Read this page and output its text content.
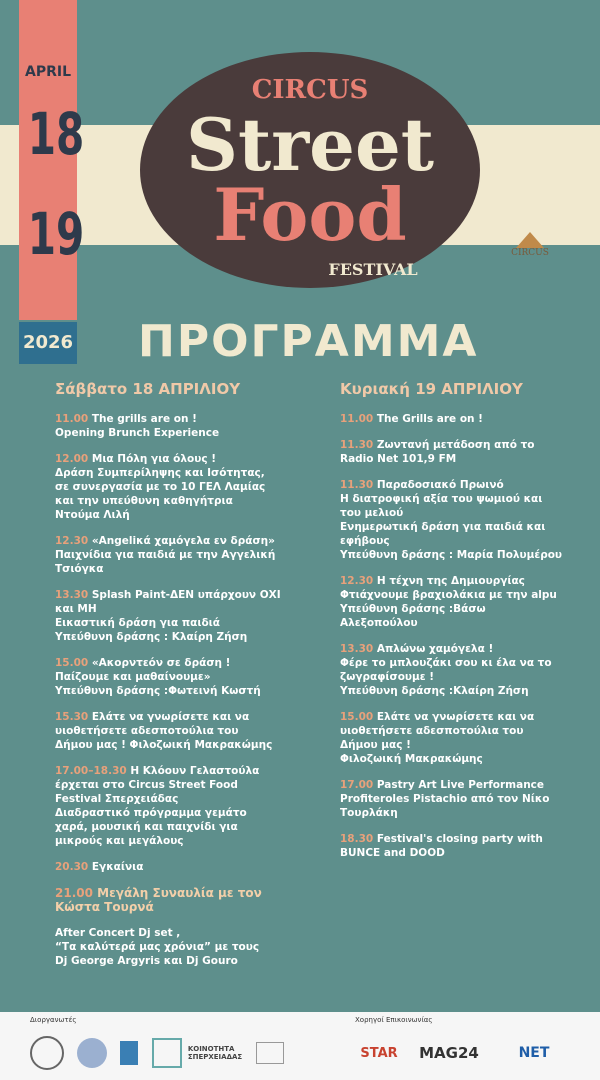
APRIL
18
19
2026
CIRCUS
Street
Food
FESTIVAL
CIRCUS
ΠΡΟΓΡΑΜΜΑ
Σάββατο 18 ΑΠΡΙΛΙΟΥ
11.00 The grills are on !
Opening Brunch Experience
12.00 Μια Πόλη για όλους !
Δράση Συμπερίληψης και Ισότητας,
σε συνεργασία με το 10 ΓΕΛ Λαμίας
και την υπεύθυνη καθηγήτρια
Ντούμα Λιλή
12.30 «Angeliκά χαμόγελα εν δράση»
Παιχνίδια για παιδιά με την Αγγελική
Τσιόγκα
13.30 Splash Paint-ΔΕΝ υπάρχουν ΟΧΙ
και ΜΗ
Εικαστική δράση για παιδιά
Υπεύθυνη δράσης : Κλαίρη Ζήση
15.00 «Ακορντεόν σε δράση !
Παίζουμε και μαθαίνουμε»
Υπεύθυνη δράσης :Φωτεινή Κωστή
15.30 Ελάτε να γνωρίσετε και να
υιοθετήσετε αδεσποτούλια του
Δήμου μας ! Φιλοζωική Μακρακώμης
17.00–18.30 Η Κλόουν Γελαστούλα
έρχεται στο Circus Street Food
Festival Σπερχειάδας
Διαδραστικό πρόγραμμα γεμάτο
χαρά, μουσική και παιχνίδι για
μικρούς και μεγάλους
20.30 Εγκαίνια
21.00 Μεγάλη Συναυλία με τον
Κώστα Τουρνά
After Concert Dj set ,
“Τα καλύτερά μας χρόνια” με τους
Dj George Argyris και Dj Gouro
Κυριακή 19 ΑΠΡΙΛΙΟΥ
11.00 The Grills are on !
11.30 Ζωντανή μετάδοση από το
Radio Net 101,9 FM
11.30 Παραδοσιακό Πρωινό
Η διατροφική αξία του ψωμιού και
του μελιού
Ενημερωτική δράση για παιδιά και
εφήβους
Υπεύθυνη δράσης : Μαρία Πολυμέρου
12.30 Η τέχνη της Δημιουργίας
Φτιάχνουμε βραχιολάκια με την alpu
Υπεύθυνη δράσης :Βάσω
Αλεξοπούλου
13.30 Απλώνω χαμόγελα !
Φέρε το μπλουζάκι σου κι έλα να το
ζωγραφίσουμε !
Υπεύθυνη δράσης :Κλαίρη Ζήση
15.00 Ελάτε να γνωρίσετε και να
υιοθετήσετε αδεσποτούλια του
Δήμου μας !
Φιλοζωική Μακρακώμης
17.00 Pastry Art Live Performance
Profiteroles Pistachio από τον Νίκο
Τουρλάκη
18.30 Festival's closing party with
BUNCE and DOOD
Διοργανωτές	Χορηγοί Επικοινωνίας
ΚΟΙΝΟΤΗΤΑ ΣΠΕΡΧΕΙΑΔΑΣ	STAR	MAG24	NET
